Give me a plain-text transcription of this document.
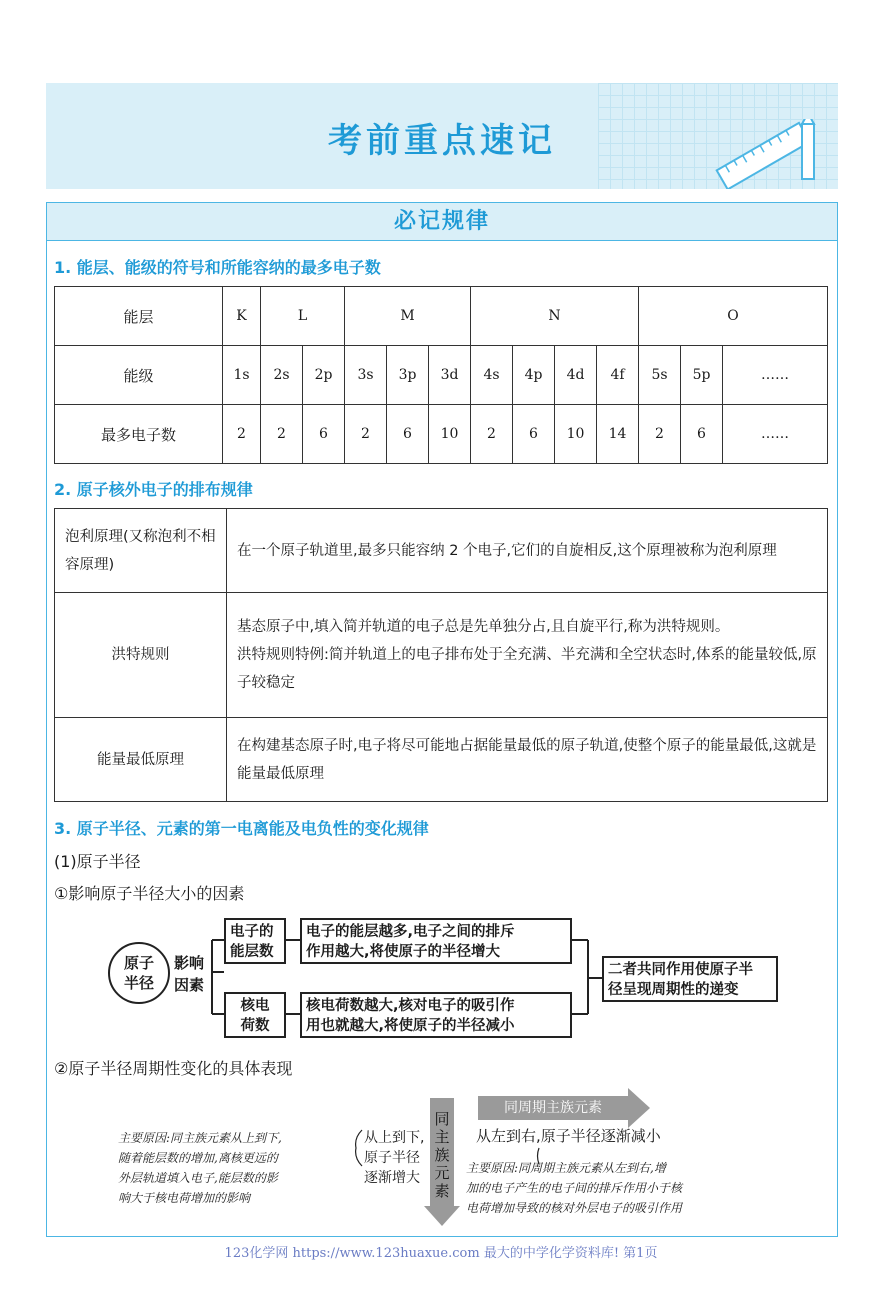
考前重点速记
必记规律
1. 能层、能级的符号和所能容纳的最多电子数
能层	K	L		M			N				O		
能级	1s	2s	2p	3s	3p	3d	4s	4p	4d	4f	5s	5p	……
最多电子数	2	2	6	2	6	10	2	6	10	14	2	6	……
2. 原子核外电子的排布规律
泡利原理(又称泡利不相容原理)	在一个原子轨道里,最多只能容纳 2 个电子,它们的自旋相反,这个原理被称为泡利原理
洪特规则	基态原子中,填入简并轨道的电子总是先单独分占,且自旋平行,称为洪特规则。
洪特规则特例:简并轨道上的电子排布处于全充满、半充满和全空状态时,体系的能量较低,原子较稳定

能量最低原理	在构建基态原子时,电子将尽可能地占据能量最低的原子轨道,使整个原子的能量最低,这就是能量最低原理
3. 原子半径、元素的第一电离能及电负性的变化规律
(1)原子半径
①影响原子半径大小的因素
原子
半径
影响
因素
电子的
能层数
电子的能层越多,电子之间的排斥
作用越大,将使原子的半径增大
核电
荷数
核电荷数越大,核对电子的吸引作
用也就越大,将使原子的半径减小
二者共同作用使原子半
径呈现周期性的递变
②原子半径周期性变化的具体表现
主要原因:同主族元素从上到下,
随着能层数的增加,离核更远的
外层轨道填入电子,能层数的影
响大于核电荷增加的影响
从上到下,
原子半径
逐渐增大
同主族元素
同周期主族元素
从左到右,原子半径逐渐减小
主要原因:同周期主族元素从左到右,增
加的电子产生的电子间的排斥作用小于核
电荷增加导致的核对外层电子的吸引作用
123化学网 https://www.123huaxue.com 最大的中学化学资料库! 第1页
